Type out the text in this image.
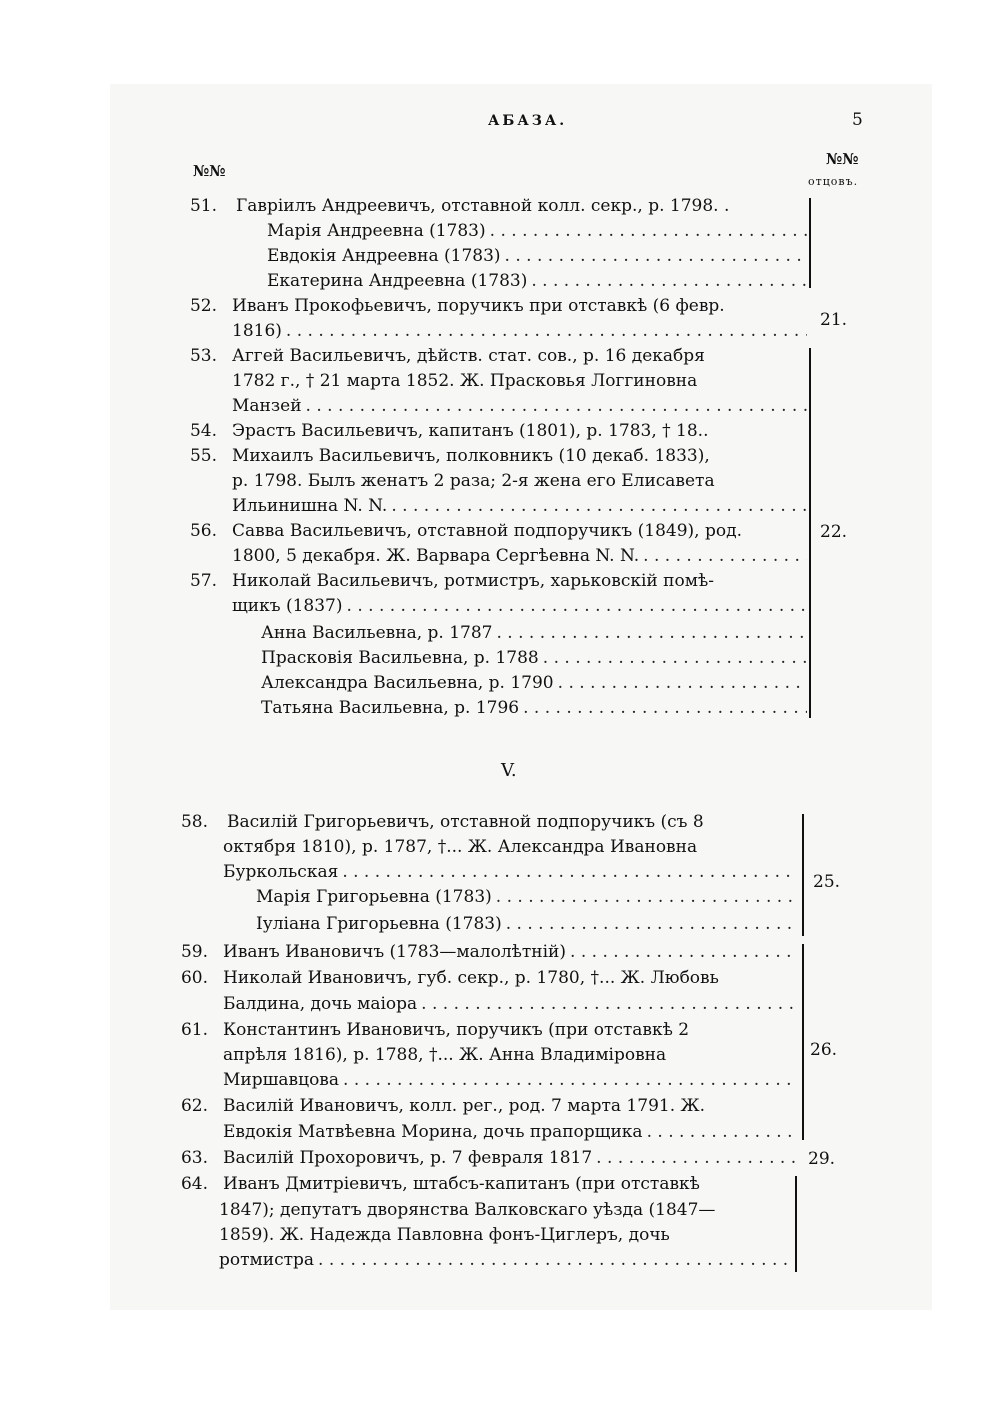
АБАЗА.	5
№№
№№
отцовъ.
51. Гавріилъ Андреевичъ, отставной колл. секр., р. 1798. .
Марія Андреевна (1783)
. . .
Евдокія Андреевна (1783)
. . .
Екатерина Андреевна (1783)
. . .
52. Иванъ Прокофьевичъ, поручикъ при отставкѣ (6 февр.
1816)
. . .
21.
53. Аггей Васильевичъ, дѣйств. стат. сов., р. 16 декабря
1782 г., † 21 марта 1852. Ж. Прасковья Логгиновна
Манзей
. . .
54. Эрастъ Васильевичъ, капитанъ (1801), р. 1783, † 18..
55. Михаилъ Васильевичъ, полковникъ (10 декаб. 1833),
р. 1798. Былъ женатъ 2 раза; 2-я жена его Елисавета
Ильинишна N. N.
. . .
56. Савва Васильевичъ, отставной подпоручикъ (1849), род.
1800, 5 декабря. Ж. Варвара Сергѣевна N. N.
. . .
57. Николай Васильевичъ, ротмистръ, харьковскій помѣ-
щикъ (1837)
. . .
Анна Васильевна, р. 1787
. . .
Прасковія Васильевна, р. 1788
. . .
Александра Васильевна, р. 1790
. . .
Татьяна Васильевна, р. 1796
. . .
22.
V.
58. Василій Григорьевичъ, отставной подпоручикъ (съ 8
октября 1810), р. 1787, †... Ж. Александра Ивановна
Буркольская
. . .
Марія Григорьевна (1783)
. . .
Іуліана Григорьевна (1783)
. . .
25.
59. Иванъ Ивановичъ (1783—малолѣтній)
. . .
60. Николай Ивановичъ, губ. секр., р. 1780, †... Ж. Любовь
Балдина, дочь маіора
. . .
61. Константинъ Ивановичъ, поручикъ (при отставкѣ 2
апрѣля 1816), р. 1788, †... Ж. Анна Владиміровна
Миршавцова
. . .
62. Василій Ивановичъ, колл. рег., род. 7 марта 1791. Ж.
Евдокія Матвѣевна Морина, дочь прапорщика
. . .
26.
63. Василій Прохоровичъ, р. 7 февраля 1817
. . .	29.
64. Иванъ Дмитріевичъ, штабсъ-капитанъ (при отставкѣ
1847); депутатъ дворянства Валковскаго уѣзда (1847—
1859). Ж. Надежда Павловна фонъ-Циглеръ, дочь
ротмистра
. . .
